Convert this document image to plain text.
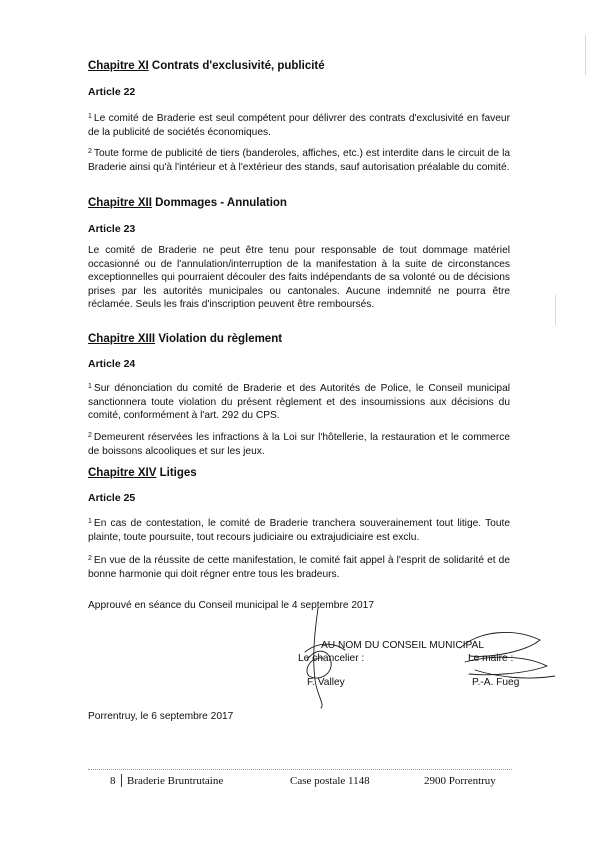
Chapitre XI Contrats d'exclusivité, publicité
Article 22

$^1$ Le comité de Braderie est seul compétent pour délivrer des contrats d'exclusivité en faveur de la publicité de sociétés économiques.

$^2$ Toute forme de publicité de tiers (banderoles, affiches, etc.) est interdite dans le circuit de la Braderie ainsi qu'à l'intérieur et à l'extérieur des stands, sauf autorisation préalable du comité.

Chapitre XII Dommages - Annulation
Article 23

Le comité de Braderie ne peut être tenu pour responsable de tout dommage matériel occasionné ou de l'annulation/interruption de la manifestation à la suite de circonstances exceptionnelles qui pourraient découler des faits indépendants de sa volonté ou de décisions prises par les autorités municipales ou cantonales. Aucune indemnité ne pourra être réclamée. Seuls les frais d'inscription peuvent être remboursés.

Chapitre XIII Violation du règlement
Article 24

$^1$ Sur dénonciation du comité de Braderie et des Autorités de Police, le Conseil municipal sanctionnera toute violation du présent règlement et des insoumissions aux décisions du comité, conformément à l'art. 292 du CPS.

$^2$ Demeurent réservées les infractions à la Loi sur l'hôtellerie, la restauration et le commerce de boissons alcooliques et sur les jeux.

Chapitre XIV Litiges
Article 25

$^1$ En cas de contestation, le comité de Braderie tranchera souverainement tout litige. Toute plainte, toute poursuite, tout recours judiciaire ou extrajudiciaire est exclu.

$^2$ En vue de la réussite de cette manifestation, le comité fait appel à l'esprit de solidarité et de bonne harmonie qui doit régner entre tous les bradeurs.

Approuvé en séance du Conseil municipal le 4 septembre 2017
AU NOM DU CONSEIL MUNICIPAL
Le chancelier :
F. Valley
Le maire :
P.-A. Fueg
Porrentruy, le 6 septembre 2017
8 Braderie Bruntrutaine	Case postale 1148	2900 Porrentruy
